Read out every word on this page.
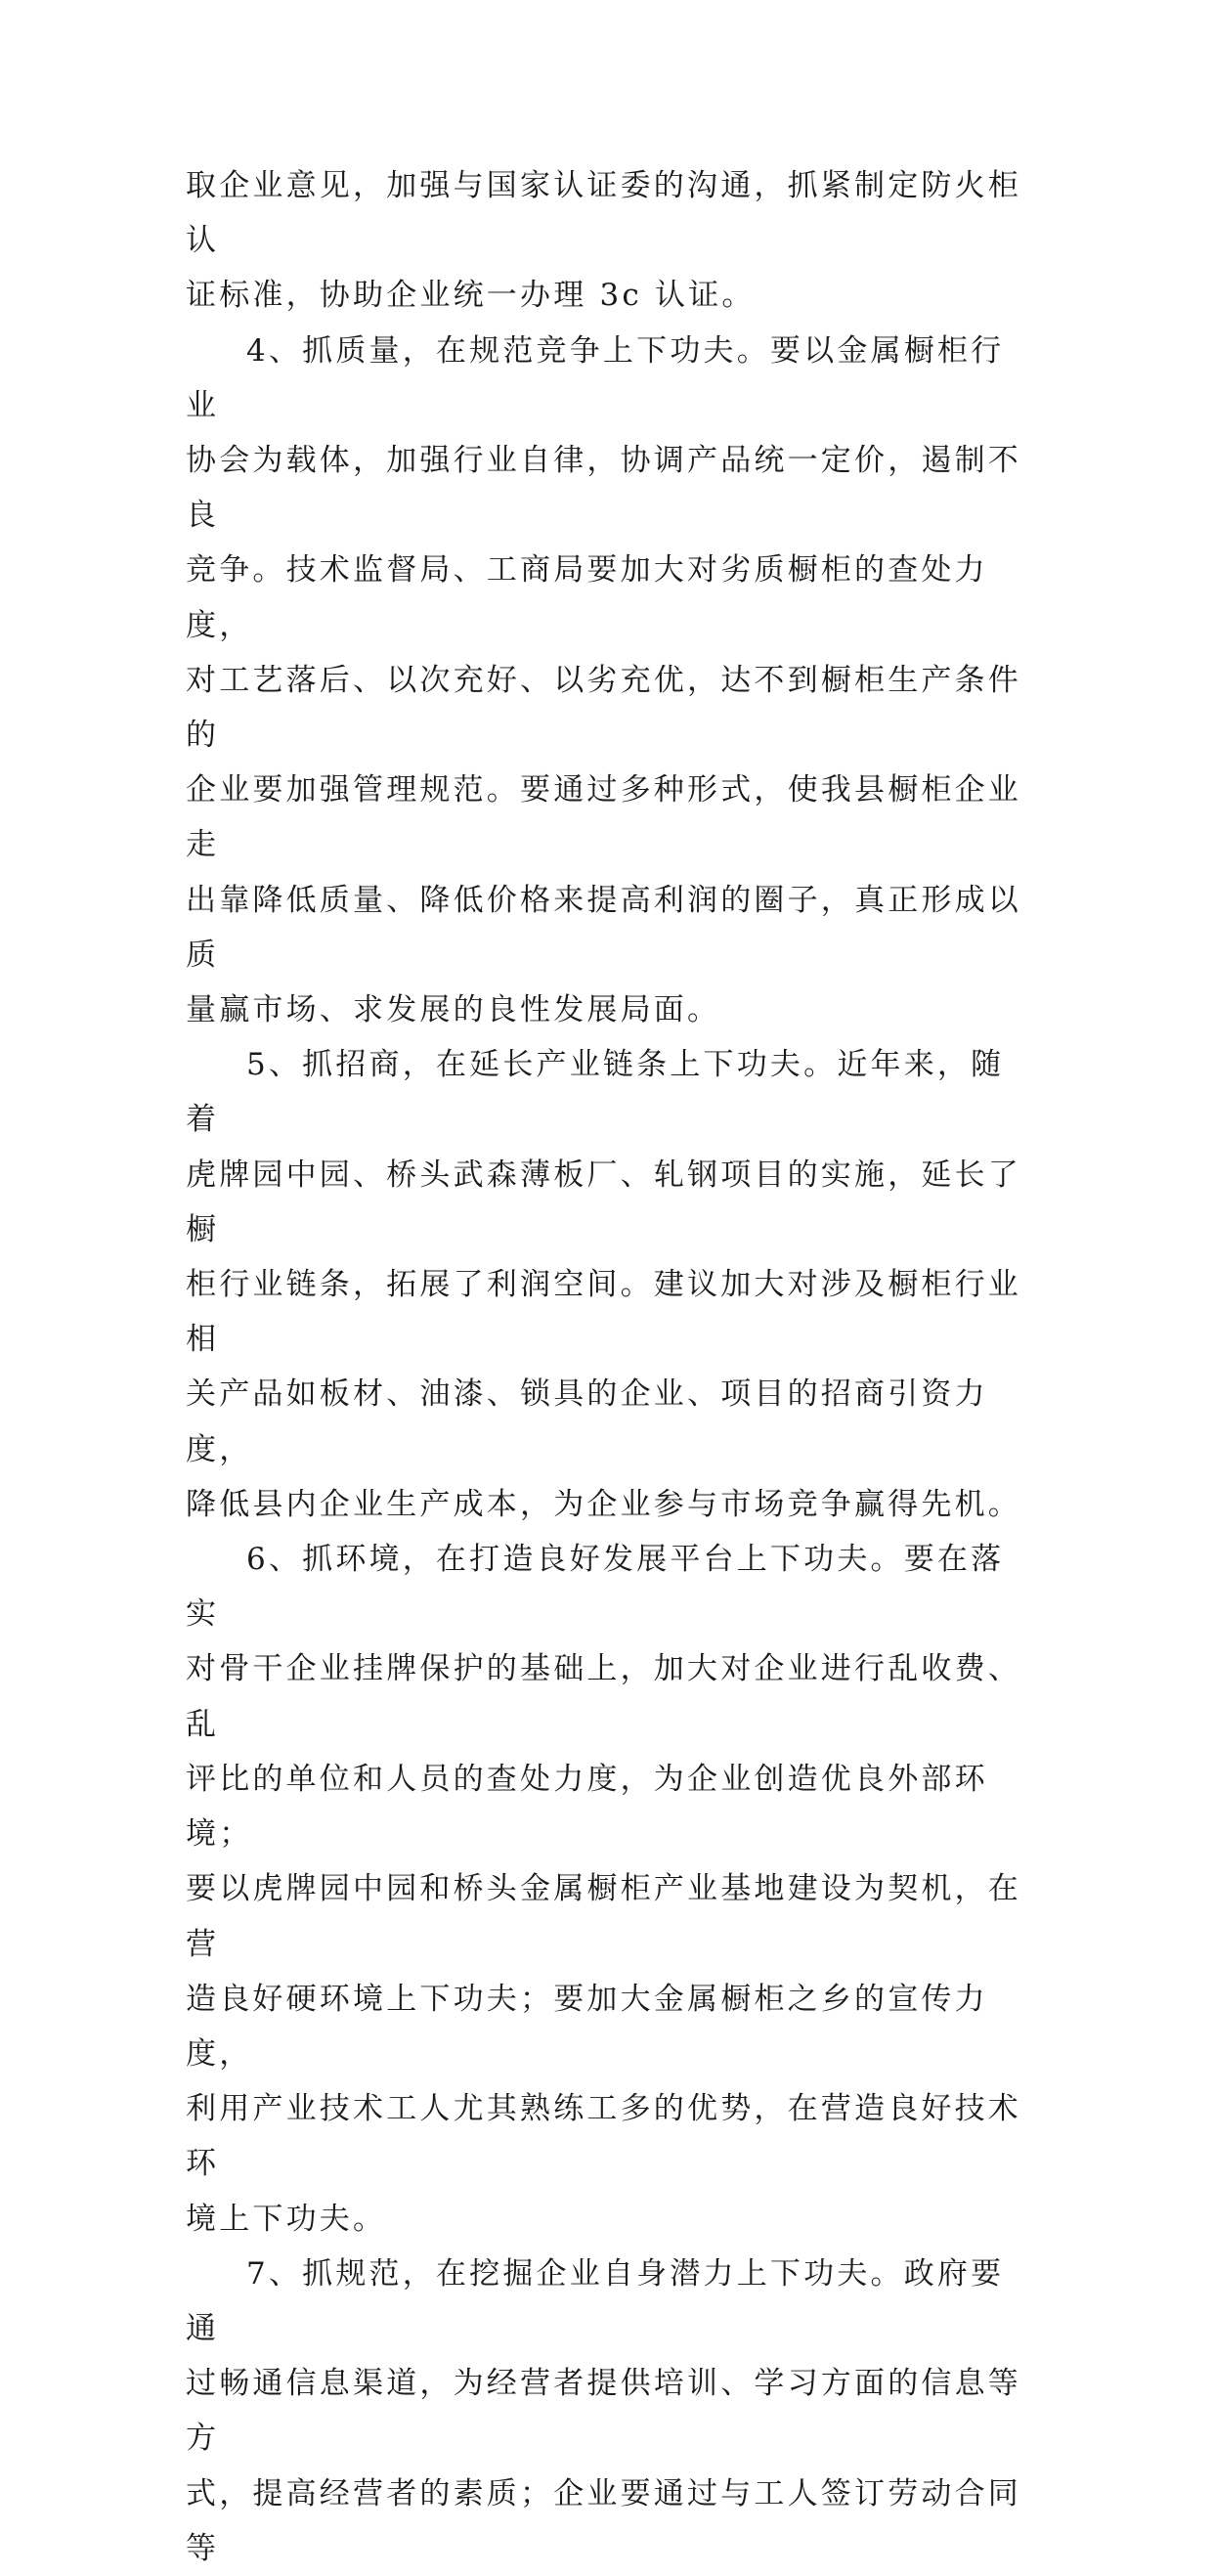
取企业意见，加强与国家认证委的沟通，抓紧制定防火柜认

证标准，协助企业统一办理 3c 认证。

4、抓质量，在规范竞争上下功夫。要以金属橱柜行业

协会为载体，加强行业自律，协调产品统一定价，遏制不良

竞争。技术监督局、工商局要加大对劣质橱柜的查处力度，

对工艺落后、以次充好、以劣充优，达不到橱柜生产条件的

企业要加强管理规范。要通过多种形式，使我县橱柜企业走

出靠降低质量、降低价格来提高利润的圈子，真正形成以质

量赢市场、求发展的良性发展局面。

5、抓招商，在延长产业链条上下功夫。近年来，随着

虎牌园中园、桥头武森薄板厂、轧钢项目的实施，延长了橱

柜行业链条，拓展了利润空间。建议加大对涉及橱柜行业相

关产品如板材、油漆、锁具的企业、项目的招商引资力度，

降低县内企业生产成本，为企业参与市场竞争赢得先机。

6、抓环境，在打造良好发展平台上下功夫。要在落实

对骨干企业挂牌保护的基础上，加大对企业进行乱收费、乱

评比的单位和人员的查处力度，为企业创造优良外部环境；

要以虎牌园中园和桥头金属橱柜产业基地建设为契机，在营

造良好硬环境上下功夫；要加大金属橱柜之乡的宣传力度，

利用产业技术工人尤其熟练工多的优势，在营造良好技术环

境上下功夫。

7、抓规范，在挖掘企业自身潜力上下功夫。政府要通

过畅通信息渠道，为经营者提供培训、学习方面的信息等方

式，提高经营者的素质；企业要通过与工人签订劳动合同等
